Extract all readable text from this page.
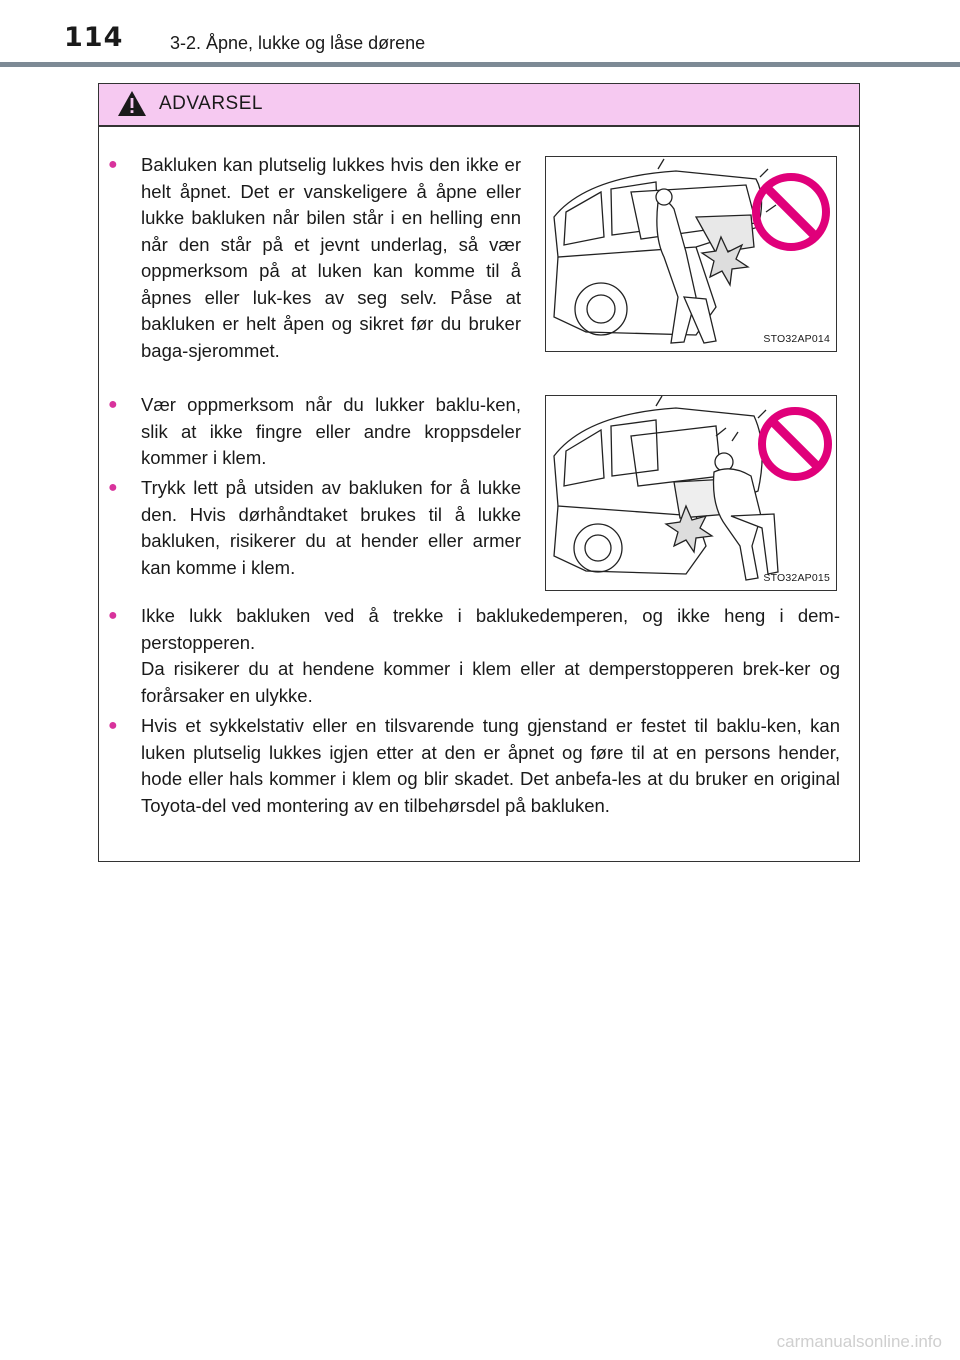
114	3-2. Åpne, lukke og låse dørene
ADVARSEL
●	Bakluken kan plutselig lukkes hvis den ikke er helt åpnet. Det er vanskeligere å åpne eller lukke bakluken når bilen står i en helling enn når den står på et jevnt underlag, så vær oppmerksom på at luken kan komme til å åpnes eller luk-kes av seg selv. Påse at bakluken er helt åpen og sikret før du bruker baga-sjerommet.
STO32AP014
●	Vær oppmerksom når du lukker baklu-ken, slik at ikke fingre eller andre kroppsdeler kommer i klem.
●	Trykk lett på utsiden av bakluken for å lukke den. Hvis dørhåndtaket brukes til å lukke bakluken, risikerer du at hender eller armer kan komme i klem.
STO32AP015
●	Ikke lukk bakluken ved å trekke i baklukedemperen, og ikke heng i dem-perstopperen.
Da risikerer du at hendene kommer i klem eller at demperstopperen brek-ker og forårsaker en ulykke.
●	Hvis et sykkelstativ eller en tilsvarende tung gjenstand er festet til baklu-ken, kan luken plutselig lukkes igjen etter at den er åpnet og føre til at en persons hender, hode eller hals kommer i klem og blir skadet. Det anbefa-les at du bruker en original Toyota-del ved montering av en tilbehørsdel på bakluken.
carmanualsonline.info
